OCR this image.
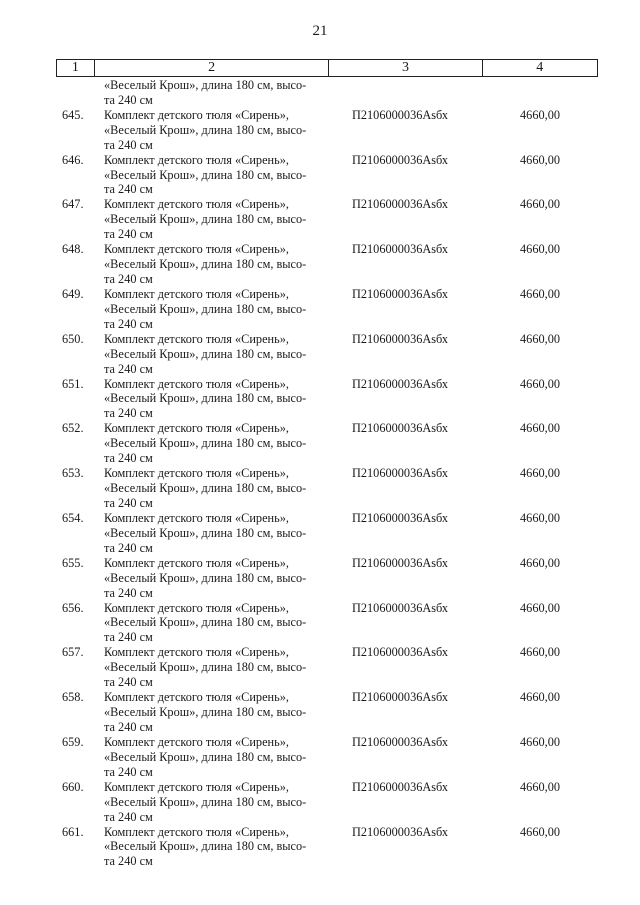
21
1	2	3	4
«Веселый Крош», длина 180 см, высо-
та 240 см
645.	Комплект детского тюля «Сирень»,
«Веселый Крош», длина 180 см, высо-
та 240 см
П2106000036Asбх	4660,00
646.	Комплект детского тюля «Сирень»,
«Веселый Крош», длина 180 см, высо-
та 240 см
П2106000036Asбх	4660,00
647.	Комплект детского тюля «Сирень»,
«Веселый Крош», длина 180 см, высо-
та 240 см
П2106000036Asбх	4660,00
648.	Комплект детского тюля «Сирень»,
«Веселый Крош», длина 180 см, высо-
та 240 см
П2106000036Asбх	4660,00
649.	Комплект детского тюля «Сирень»,
«Веселый Крош», длина 180 см, высо-
та 240 см
П2106000036Asбх	4660,00
650.	Комплект детского тюля «Сирень»,
«Веселый Крош», длина 180 см, высо-
та 240 см
П2106000036Asбх	4660,00
651.	Комплект детского тюля «Сирень»,
«Веселый Крош», длина 180 см, высо-
та 240 см
П2106000036Asбх	4660,00
652.	Комплект детского тюля «Сирень»,
«Веселый Крош», длина 180 см, высо-
та 240 см
П2106000036Asбх	4660,00
653.	Комплект детского тюля «Сирень»,
«Веселый Крош», длина 180 см, высо-
та 240 см
П2106000036Asбх	4660,00
654.	Комплект детского тюля «Сирень»,
«Веселый Крош», длина 180 см, высо-
та 240 см
П2106000036Asбх	4660,00
655.	Комплект детского тюля «Сирень»,
«Веселый Крош», длина 180 см, высо-
та 240 см
П2106000036Asбх	4660,00
656.	Комплект детского тюля «Сирень»,
«Веселый Крош», длина 180 см, высо-
та 240 см
П2106000036Asбх	4660,00
657.	Комплект детского тюля «Сирень»,
«Веселый Крош», длина 180 см, высо-
та 240 см
П2106000036Asбх	4660,00
658.	Комплект детского тюля «Сирень»,
«Веселый Крош», длина 180 см, высо-
та 240 см
П2106000036Asбх	4660,00
659.	Комплект детского тюля «Сирень»,
«Веселый Крош», длина 180 см, высо-
та 240 см
П2106000036Asбх	4660,00
660.	Комплект детского тюля «Сирень»,
«Веселый Крош», длина 180 см, высо-
та 240 см
П2106000036Asбх	4660,00
661.	Комплект детского тюля «Сирень»,
«Веселый Крош», длина 180 см, высо-
та 240 см
П2106000036Asбх	4660,00
